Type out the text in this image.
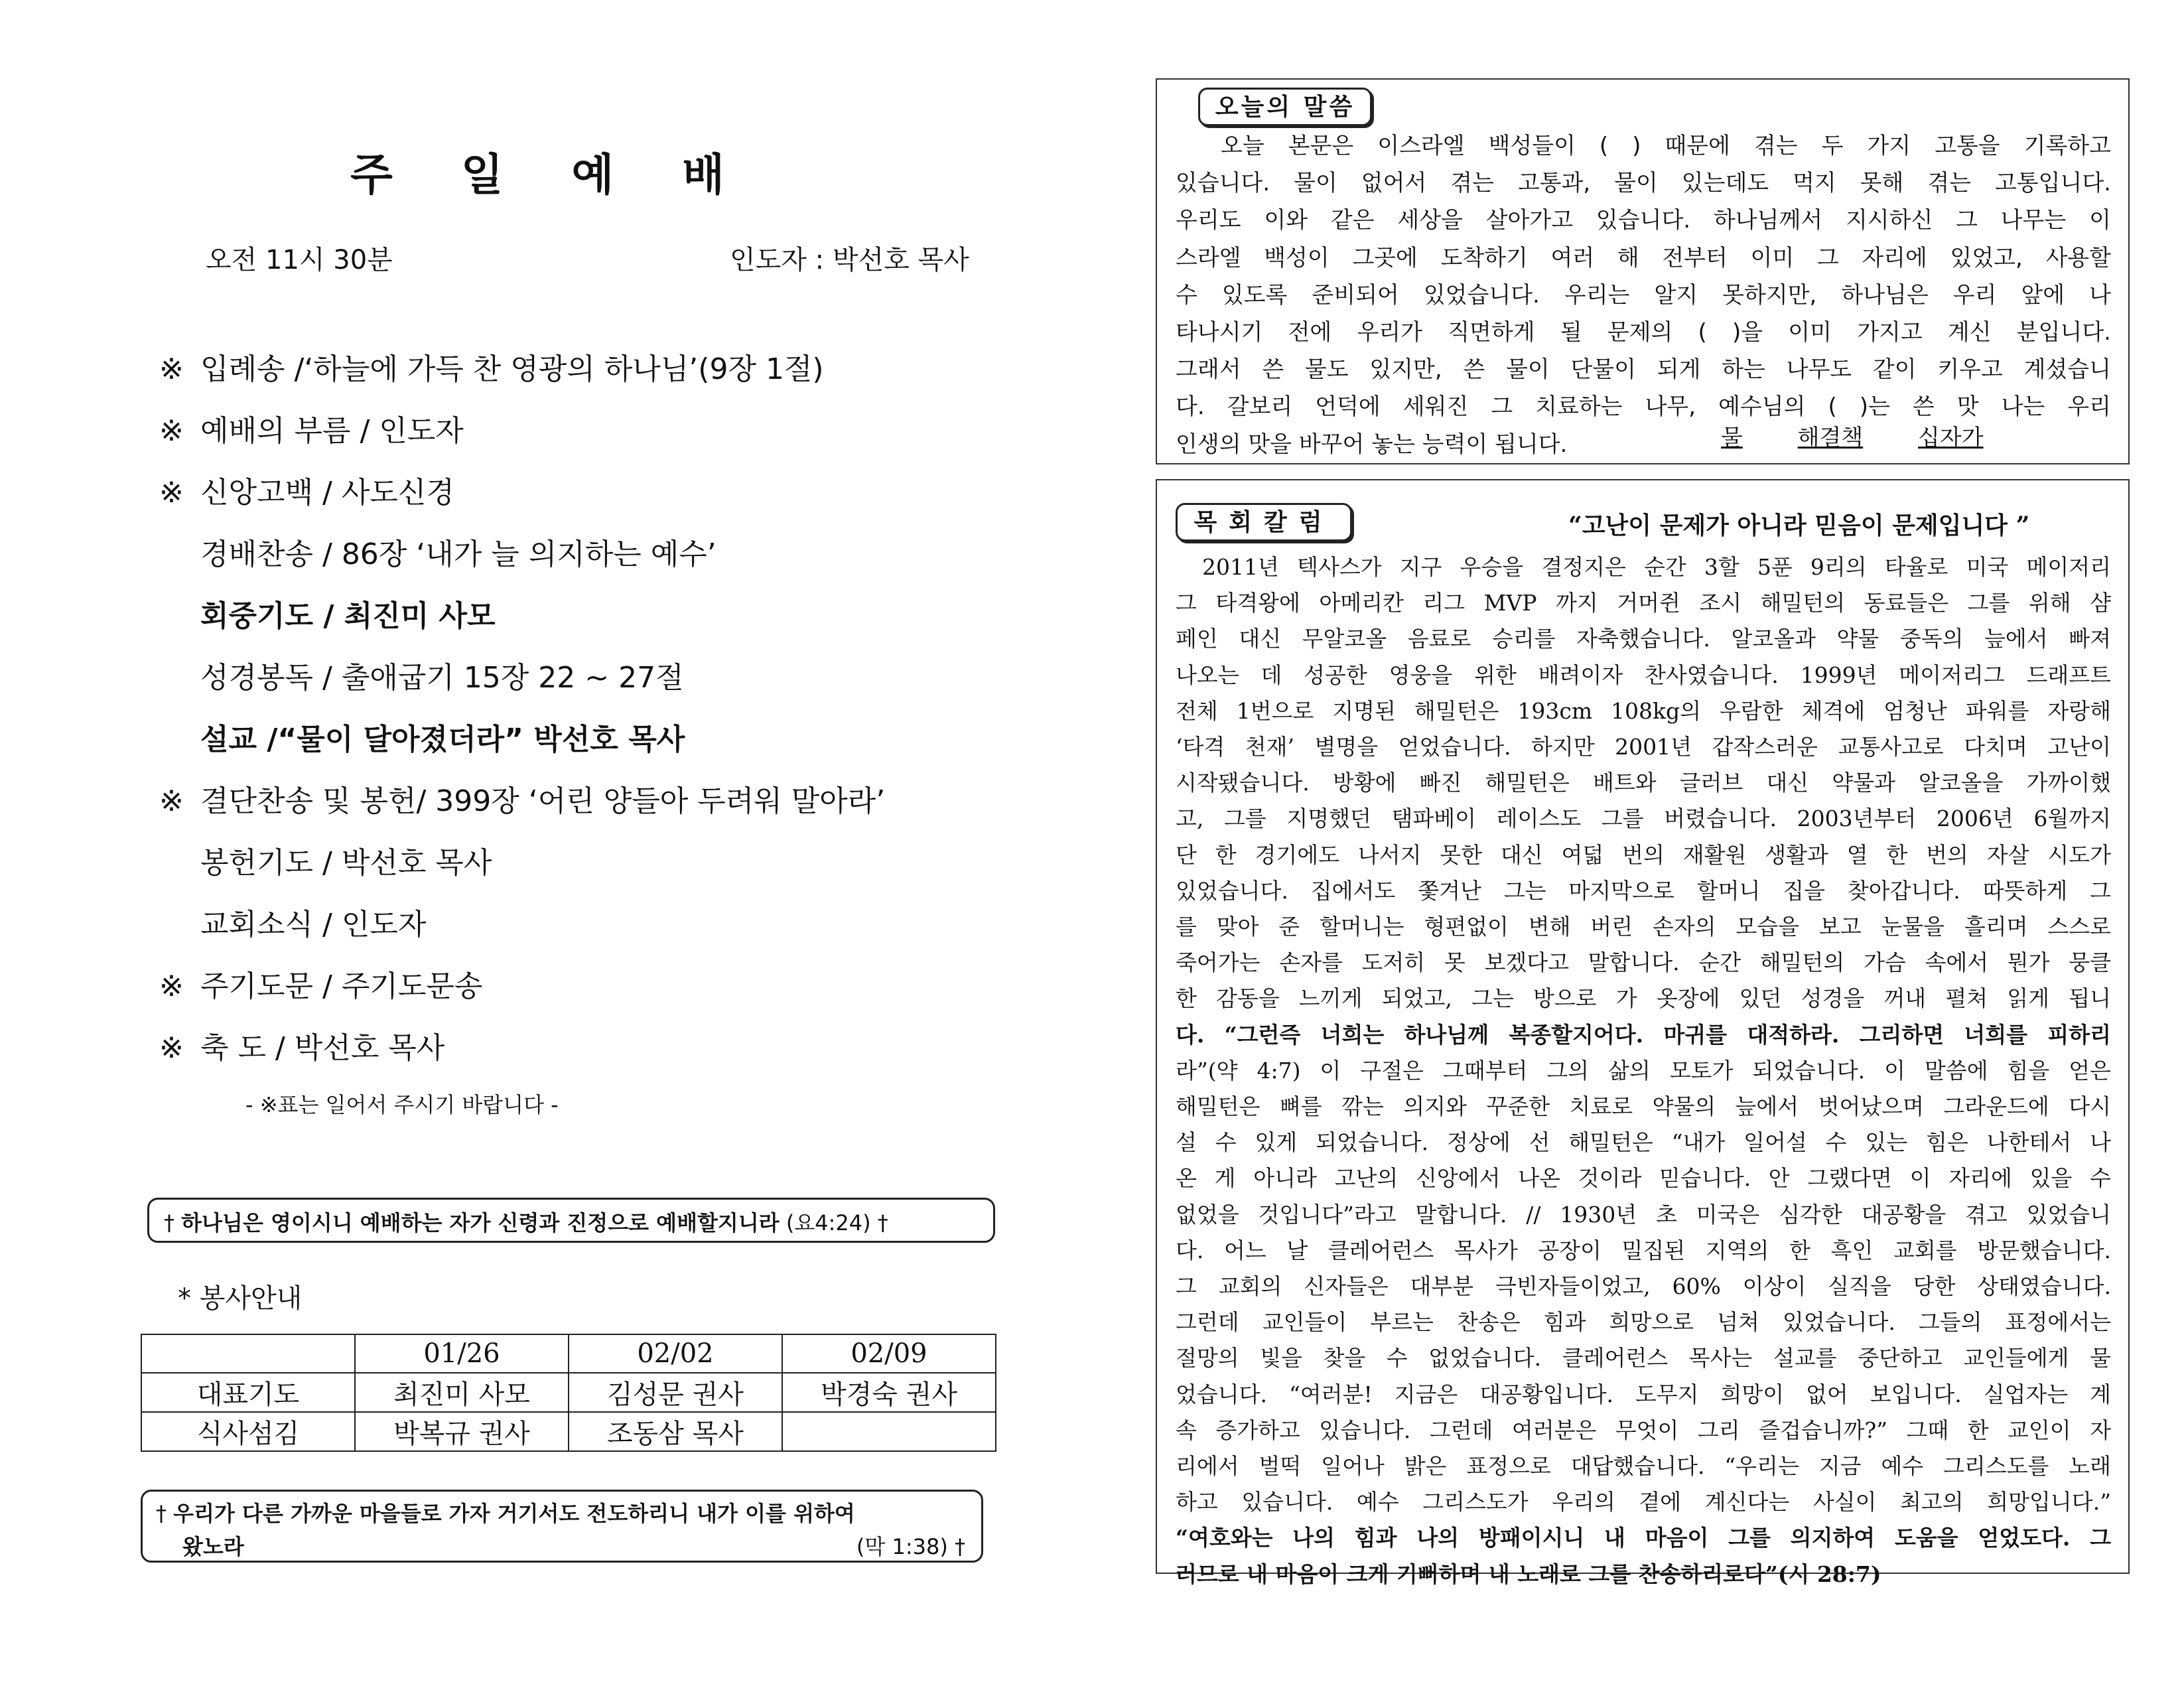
주 일 예 배
오전 11시 30분	인도자 : 박선호 목사
※ 입례송 /‘하늘에 가득 찬 영광의 하나님’(9장 1절)
※ 예배의 부름 / 인도자
※ 신앙고백 / 사도신경
경배찬송 / 86장 ‘내가 늘 의지하는 예수’
회중기도 / 최진미 사모
성경봉독 / 출애굽기 15장 22 ~ 27절
설교 /“물이 달아졌더라” 박선호 목사
※ 결단찬송 및 봉헌/ 399장 ‘어린 양들아 두려워 말아라’
봉헌기도 / 박선호 목사
교회소식 / 인도자
※ 주기도문 / 주기도문송
※ 축 도 / 박선호 목사
- ※표는 일어서 주시기 바랍니다 -
† 하나님은 영이시니 예배하는 자가 신령과 진정으로 예배할지니라 (요4:24) †
* 봉사안내
	01/26	02/02	02/09
대표기도	최진미 사모	김성문 권사	박경숙 권사
식사섬김	박복규 권사	조동삼 목사	
† 우리가 다른 가까운 마을들로 가자 거기서도 전도하리니 내가 이를 위하여
왔노라	(막 1:38) †
오늘의 말씀
오늘 본문은 이스라엘 백성들이 ( ) 때문에 겪는 두 가지 고통을 기록하고
있습니다. 물이 없어서 겪는 고통과, 물이 있는데도 먹지 못해 겪는 고통입니다.
우리도 이와 같은 세상을 살아가고 있습니다. 하나님께서 지시하신 그 나무는 이
스라엘 백성이 그곳에 도착하기 여러 해 전부터 이미 그 자리에 있었고, 사용할
수 있도록 준비되어 있었습니다. 우리는 알지 못하지만, 하나님은 우리 앞에 나
타나시기 전에 우리가 직면하게 될 문제의 ( )을 이미 가지고 계신 분입니다.
그래서 쓴 물도 있지만, 쓴 물이 단물이 되게 하는 나무도 같이 키우고 계셨습니
다. 갈보리 언덕에 세워진 그 치료하는 나무, 예수님의 ( )는 쓴 맛 나는 우리
인생의 맛을 바꾸어 놓는 능력이 됩니다.	물 해결책 십자가
목회칼럼	“고난이 문제가 아니라 믿음이 문제입니다 ”
2011년 텍사스가 지구 우승을 결정지은 순간 3할 5푼 9리의 타율로 미국 메이저리
그 타격왕에 아메리칸 리그 MVP 까지 거머쥔 조시 해밀턴의 동료들은 그를 위해 샴
페인 대신 무알코올 음료로 승리를 자축했습니다. 알코올과 약물 중독의 늪에서 빠져
나오는 데 성공한 영웅을 위한 배려이자 찬사였습니다. 1999년 메이저리그 드래프트
전체 1번으로 지명된 해밀턴은 193cm 108kg의 우람한 체격에 엄청난 파워를 자랑해
‘타격 천재’ 별명을 얻었습니다. 하지만 2001년 갑작스러운 교통사고로 다치며 고난이
시작됐습니다. 방황에 빠진 해밀턴은 배트와 글러브 대신 약물과 알코올을 가까이했
고, 그를 지명했던 탬파베이 레이스도 그를 버렸습니다. 2003년부터 2006년 6월까지
단 한 경기에도 나서지 못한 대신 여덟 번의 재활원 생활과 열 한 번의 자살 시도가
있었습니다. 집에서도 쫓겨난 그는 마지막으로 할머니 집을 찾아갑니다. 따뜻하게 그
를 맞아 준 할머니는 형편없이 변해 버린 손자의 모습을 보고 눈물을 흘리며 스스로
죽어가는 손자를 도저히 못 보겠다고 말합니다. 순간 해밀턴의 가슴 속에서 뭔가 뭉클
한 감동을 느끼게 되었고, 그는 방으로 가 옷장에 있던 성경을 꺼내 펼쳐 읽게 됩니
다. “그런즉 너희는 하나님께 복종할지어다. 마귀를 대적하라. 그리하면 너희를 피하리
라”(약 4:7) 이 구절은 그때부터 그의 삶의 모토가 되었습니다. 이 말씀에 힘을 얻은
해밀턴은 뼈를 깎는 의지와 꾸준한 치료로 약물의 늪에서 벗어났으며 그라운드에 다시
설 수 있게 되었습니다. 정상에 선 해밀턴은 “내가 일어설 수 있는 힘은 나한테서 나
온 게 아니라 고난의 신앙에서 나온 것이라 믿습니다. 안 그랬다면 이 자리에 있을 수
없었을 것입니다”라고 말합니다. // 1930년 초 미국은 심각한 대공황을 겪고 있었습니
다. 어느 날 클레어런스 목사가 공장이 밀집된 지역의 한 흑인 교회를 방문했습니다.
그 교회의 신자들은 대부분 극빈자들이었고, 60% 이상이 실직을 당한 상태였습니다.
그런데 교인들이 부르는 찬송은 힘과 희망으로 넘쳐 있었습니다. 그들의 표정에서는
절망의 빛을 찾을 수 없었습니다. 클레어런스 목사는 설교를 중단하고 교인들에게 물
었습니다. “여러분! 지금은 대공황입니다. 도무지 희망이 없어 보입니다. 실업자는 계
속 증가하고 있습니다. 그런데 여러분은 무엇이 그리 즐겁습니까?” 그때 한 교인이 자
리에서 벌떡 일어나 밝은 표정으로 대답했습니다. “우리는 지금 예수 그리스도를 노래
하고 있습니다. 예수 그리스도가 우리의 곁에 계신다는 사실이 최고의 희망입니다.”
“여호와는 나의 힘과 나의 방패이시니 내 마음이 그를 의지하여 도움을 얻었도다. 그
러므로 내 마음이 크게 기뻐하며 내 노래로 그를 찬송하리로다”(시 28:7)
